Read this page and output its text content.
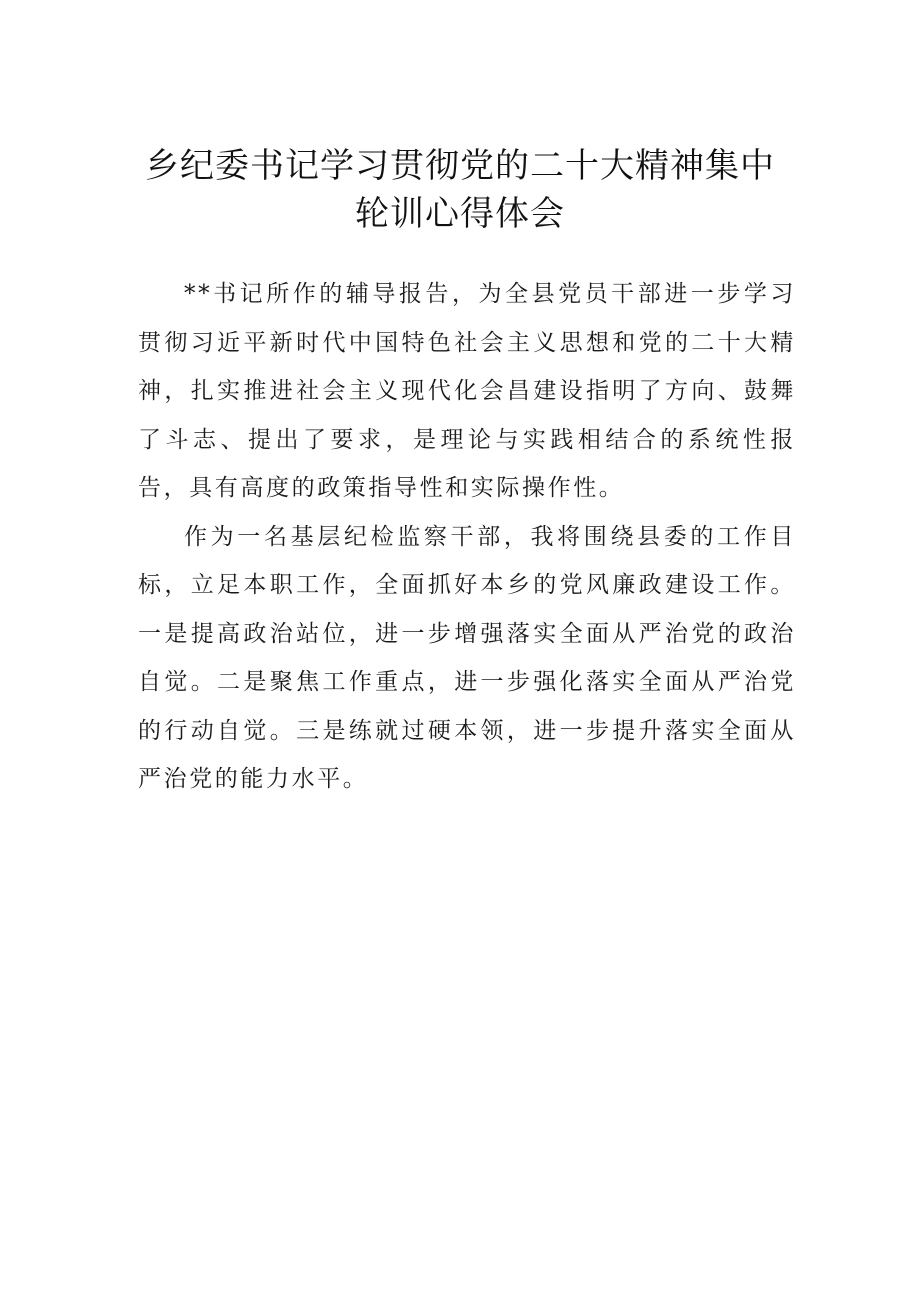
乡纪委书记学习贯彻党的二十大精神集中
轮训心得体会

**书记所作的辅导报告，为全县党员干部进一步学习贯彻习近平新时代中国特色社会主义思想和党的二十大精神，扎实推进社会主义现代化会昌建设指明了方向、鼓舞了斗志、提出了要求，是理论与实践相结合的系统性报告，具有高度的政策指导性和实际操作性。

作为一名基层纪检监察干部，我将围绕县委的工作目标，立足本职工作，全面抓好本乡的党风廉政建设工作。一是提高政治站位，进一步增强落实全面从严治党的政治自觉。二是聚焦工作重点，进一步强化落实全面从严治党的行动自觉。三是练就过硬本领，进一步提升落实全面从严治党的能力水平。
